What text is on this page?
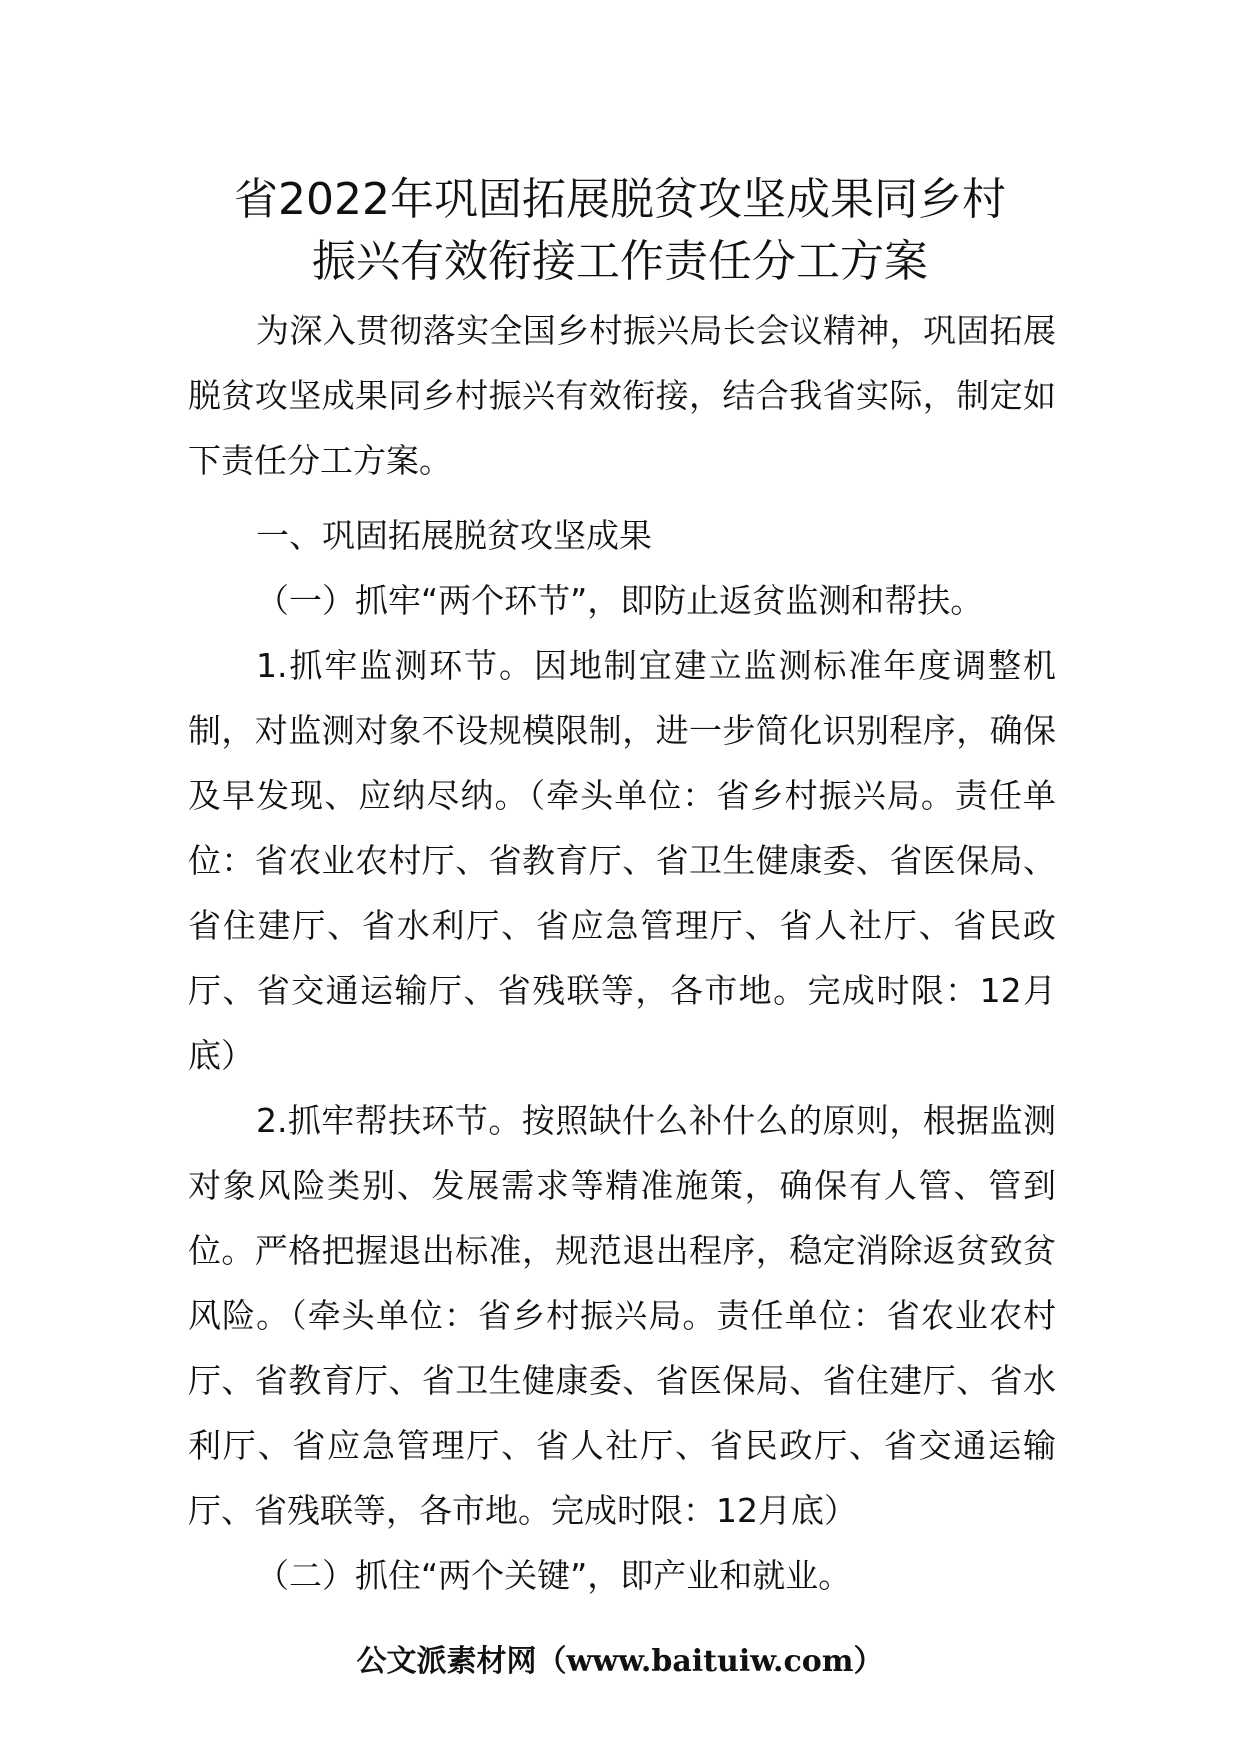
省2022年巩固拓展脱贫攻坚成果同乡村
振兴有效衔接工作责任分工方案

为深入贯彻落实全国乡村振兴局长会议精神，巩固拓展脱贫攻坚成果同乡村振兴有效衔接，结合我省实际，制定如下责任分工方案。

一、巩固拓展脱贫攻坚成果

（一）抓牢“两个环节”，即防止返贫监测和帮扶。

1.抓牢监测环节。因地制宜建立监测标准年度调整机制，对监测对象不设规模限制，进一步简化识别程序，确保及早发现、应纳尽纳。（牵头单位：省乡村振兴局。责任单位：省农业农村厅、省教育厅、省卫生健康委、省医保局、省住建厅、省水利厅、省应急管理厅、省人社厅、省民政厅、省交通运输厅、省残联等，各市地。完成时限：12月底）

2.抓牢帮扶环节。按照缺什么补什么的原则，根据监测对象风险类别、发展需求等精准施策，确保有人管、管到位。严格把握退出标准，规范退出程序，稳定消除返贫致贫风险。（牵头单位：省乡村振兴局。责任单位：省农业农村厅、省教育厅、省卫生健康委、省医保局、省住建厅、省水利厅、省应急管理厅、省人社厅、省民政厅、省交通运输厅、省残联等，各市地。完成时限：12月底）

（二）抓住“两个关键”，即产业和就业。

公文派素材网（www.baituiw.com）
